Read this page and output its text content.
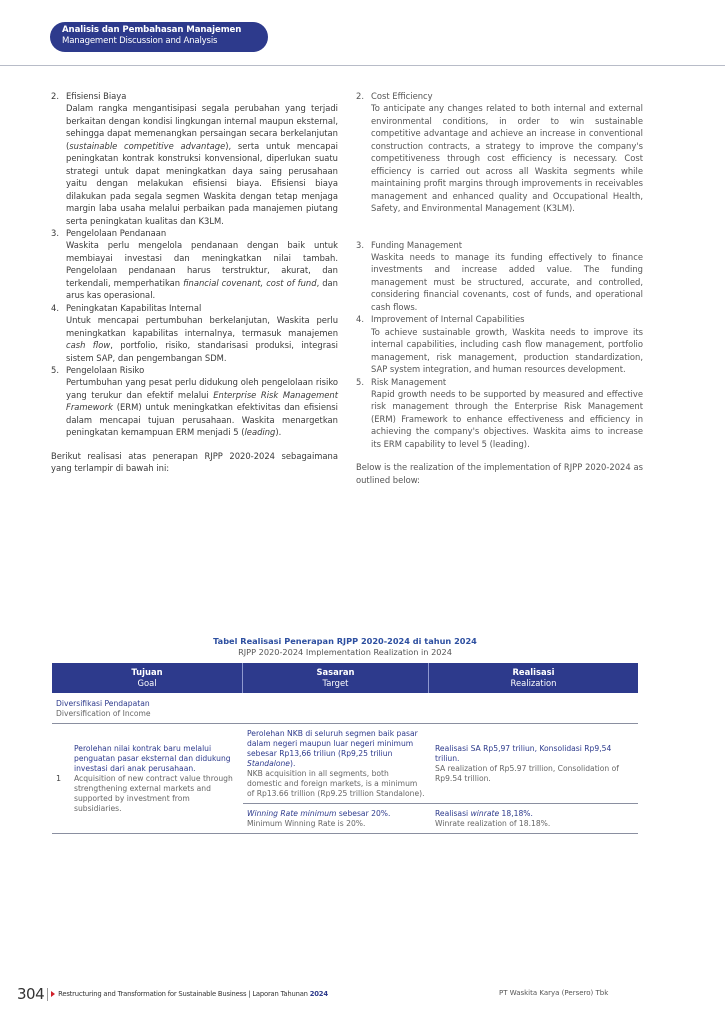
Analisis dan Pembahasan Manajemen
Management Discussion and Analysis
2. Efisiensi Biaya

Dalam rangka mengantisipasi segala perubahan yang terjadi berkaitan dengan kondisi lingkungan internal maupun eksternal, sehingga dapat memenangkan persaingan secara berkelanjutan (sustainable competitive advantage), serta untuk mencapai peningkatan kontrak konstruksi konvensional, diperlukan suatu strategi untuk dapat meningkatkan daya saing perusahaan yaitu dengan melakukan efisiensi biaya. Efisiensi biaya dilakukan pada segala segmen Waskita dengan tetap menjaga margin laba usaha melalui perbaikan pada manajemen piutang serta peningkatan kualitas dan K3LM.

3. Pengelolaan Pendanaan

Waskita perlu mengelola pendanaan dengan baik untuk membiayai investasi dan meningkatkan nilai tambah. Pengelolaan pendanaan harus terstruktur, akurat, dan terkendali, memperhatikan financial covenant, cost of fund, dan arus kas operasional.

4. Peningkatan Kapabilitas Internal

Untuk mencapai pertumbuhan berkelanjutan, Waskita perlu meningkatkan kapabilitas internalnya, termasuk manajemen cash flow, portfolio, risiko, standarisasi produksi, integrasi sistem SAP, dan pengembangan SDM.

5. Pengelolaan Risiko

Pertumbuhan yang pesat perlu didukung oleh pengelolaan risiko yang terukur dan efektif melalui Enterprise Risk Management Framework (ERM) untuk meningkatkan efektivitas dan efisiensi dalam mencapai tujuan perusahaan. Waskita menargetkan peningkatan kemampuan ERM menjadi 5 (leading).

Berikut realisasi atas penerapan RJPP 2020-2024 sebagaimana yang terlampir di bawah ini:

2. Cost Efficiency

To anticipate any changes related to both internal and external environmental conditions, in order to win sustainable competitive advantage and achieve an increase in conventional construction contracts, a strategy to improve the company's competitiveness through cost efficiency is necessary. Cost efficiency is carried out across all Waskita segments while maintaining profit margins through improvements in receivables management and enhanced quality and Occupational Health, Safety, and Environmental Management (K3LM).

3. Funding Management

Waskita needs to manage its funding effectively to finance investments and increase added value. The funding management must be structured, accurate, and controlled, considering financial covenants, cost of funds, and operational cash flows.

4. Improvement of Internal Capabilities

To achieve sustainable growth, Waskita needs to improve its internal capabilities, including cash flow management, portfolio management, risk management, production standardization, SAP system integration, and human resources development.

5. Risk Management

Rapid growth needs to be supported by measured and effective risk management through the Enterprise Risk Management (ERM) Framework to enhance effectiveness and efficiency in achieving the company's objectives. Waskita aims to increase its ERM capability to level 5 (leading).

Below is the realization of the implementation of RJPP 2020-2024 as outlined below:

Tabel Realisasi Penerapan RJPP 2020-2024 di tahun 2024
RJPP 2020-2024 Implementation Realization in 2024
Tujuan
Goal
Sasaran
Target
Realisasi
Realization
Diversifikasi Pendapatan
Diversification of Income
1
Perolehan nilai kontrak baru melalui penguatan pasar eksternal dan didukung investasi dari anak perusahaan.
Acquisition of new contract value through strengthening external markets and supported by investment from subsidiaries.
Perolehan NKB di seluruh segmen baik pasar dalam negeri maupun luar negeri minimum sebesar Rp13,66 triliun (Rp9,25 triliun Standalone).
NKB acquisition in all segments, both domestic and foreign markets, is a minimum of Rp13.66 trillion (Rp9.25 trillion Standalone).
Realisasi SA Rp5,97 triliun, Konsolidasi Rp9,54 triliun.
SA realization of Rp5.97 trillion, Consolidation of Rp9.54 trillion.
Winning Rate minimum sebesar 20%.
Minimum Winning Rate is 20%.
Realisasi winrate 18,18%.
Winrate realization of 18.18%.
304 Restructuring and Transformation for Sustainable Business | Laporan Tahunan 2024	PT Waskita Karya (Persero) Tbk
